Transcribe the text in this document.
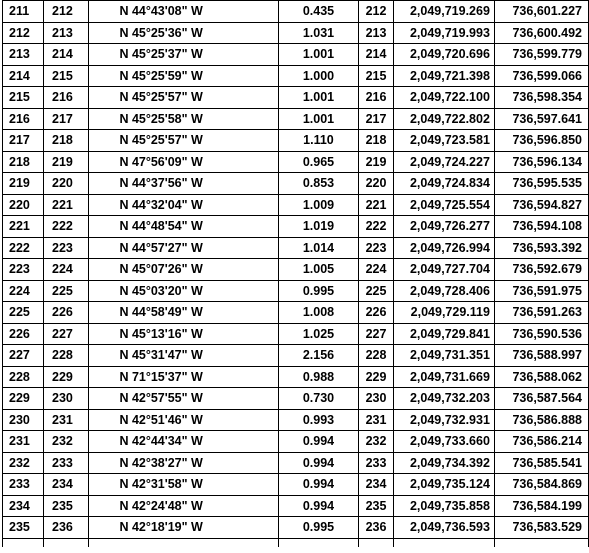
211	212	N 44°43'08" W	0.435	212	2,049,719.269	736,601.227
212	213	N 45°25'36" W	1.031	213	2,049,719.993	736,600.492
213	214	N 45°25'37" W	1.001	214	2,049,720.696	736,599.779
214	215	N 45°25'59" W	1.000	215	2,049,721.398	736,599.066
215	216	N 45°25'57" W	1.001	216	2,049,722.100	736,598.354
216	217	N 45°25'58" W	1.001	217	2,049,722.802	736,597.641
217	218	N 45°25'57" W	1.110	218	2,049,723.581	736,596.850
218	219	N 47°56'09" W	0.965	219	2,049,724.227	736,596.134
219	220	N 44°37'56" W	0.853	220	2,049,724.834	736,595.535
220	221	N 44°32'04" W	1.009	221	2,049,725.554	736,594.827
221	222	N 44°48'54" W	1.019	222	2,049,726.277	736,594.108
222	223	N 44°57'27" W	1.014	223	2,049,726.994	736,593.392
223	224	N 45°07'26" W	1.005	224	2,049,727.704	736,592.679
224	225	N 45°03'20" W	0.995	225	2,049,728.406	736,591.975
225	226	N 44°58'49" W	1.008	226	2,049,729.119	736,591.263
226	227	N 45°13'16" W	1.025	227	2,049,729.841	736,590.536
227	228	N 45°31'47" W	2.156	228	2,049,731.351	736,588.997
228	229	N 71°15'37" W	0.988	229	2,049,731.669	736,588.062
229	230	N 42°57'55" W	0.730	230	2,049,732.203	736,587.564
230	231	N 42°51'46" W	0.993	231	2,049,732.931	736,586.888
231	232	N 42°44'34" W	0.994	232	2,049,733.660	736,586.214
232	233	N 42°38'27" W	0.994	233	2,049,734.392	736,585.541
233	234	N 42°31'58" W	0.994	234	2,049,735.124	736,584.869
234	235	N 42°24'48" W	0.994	235	2,049,735.858	736,584.199
235	236	N 42°18'19" W	0.995	236	2,049,736.593	736,583.529
